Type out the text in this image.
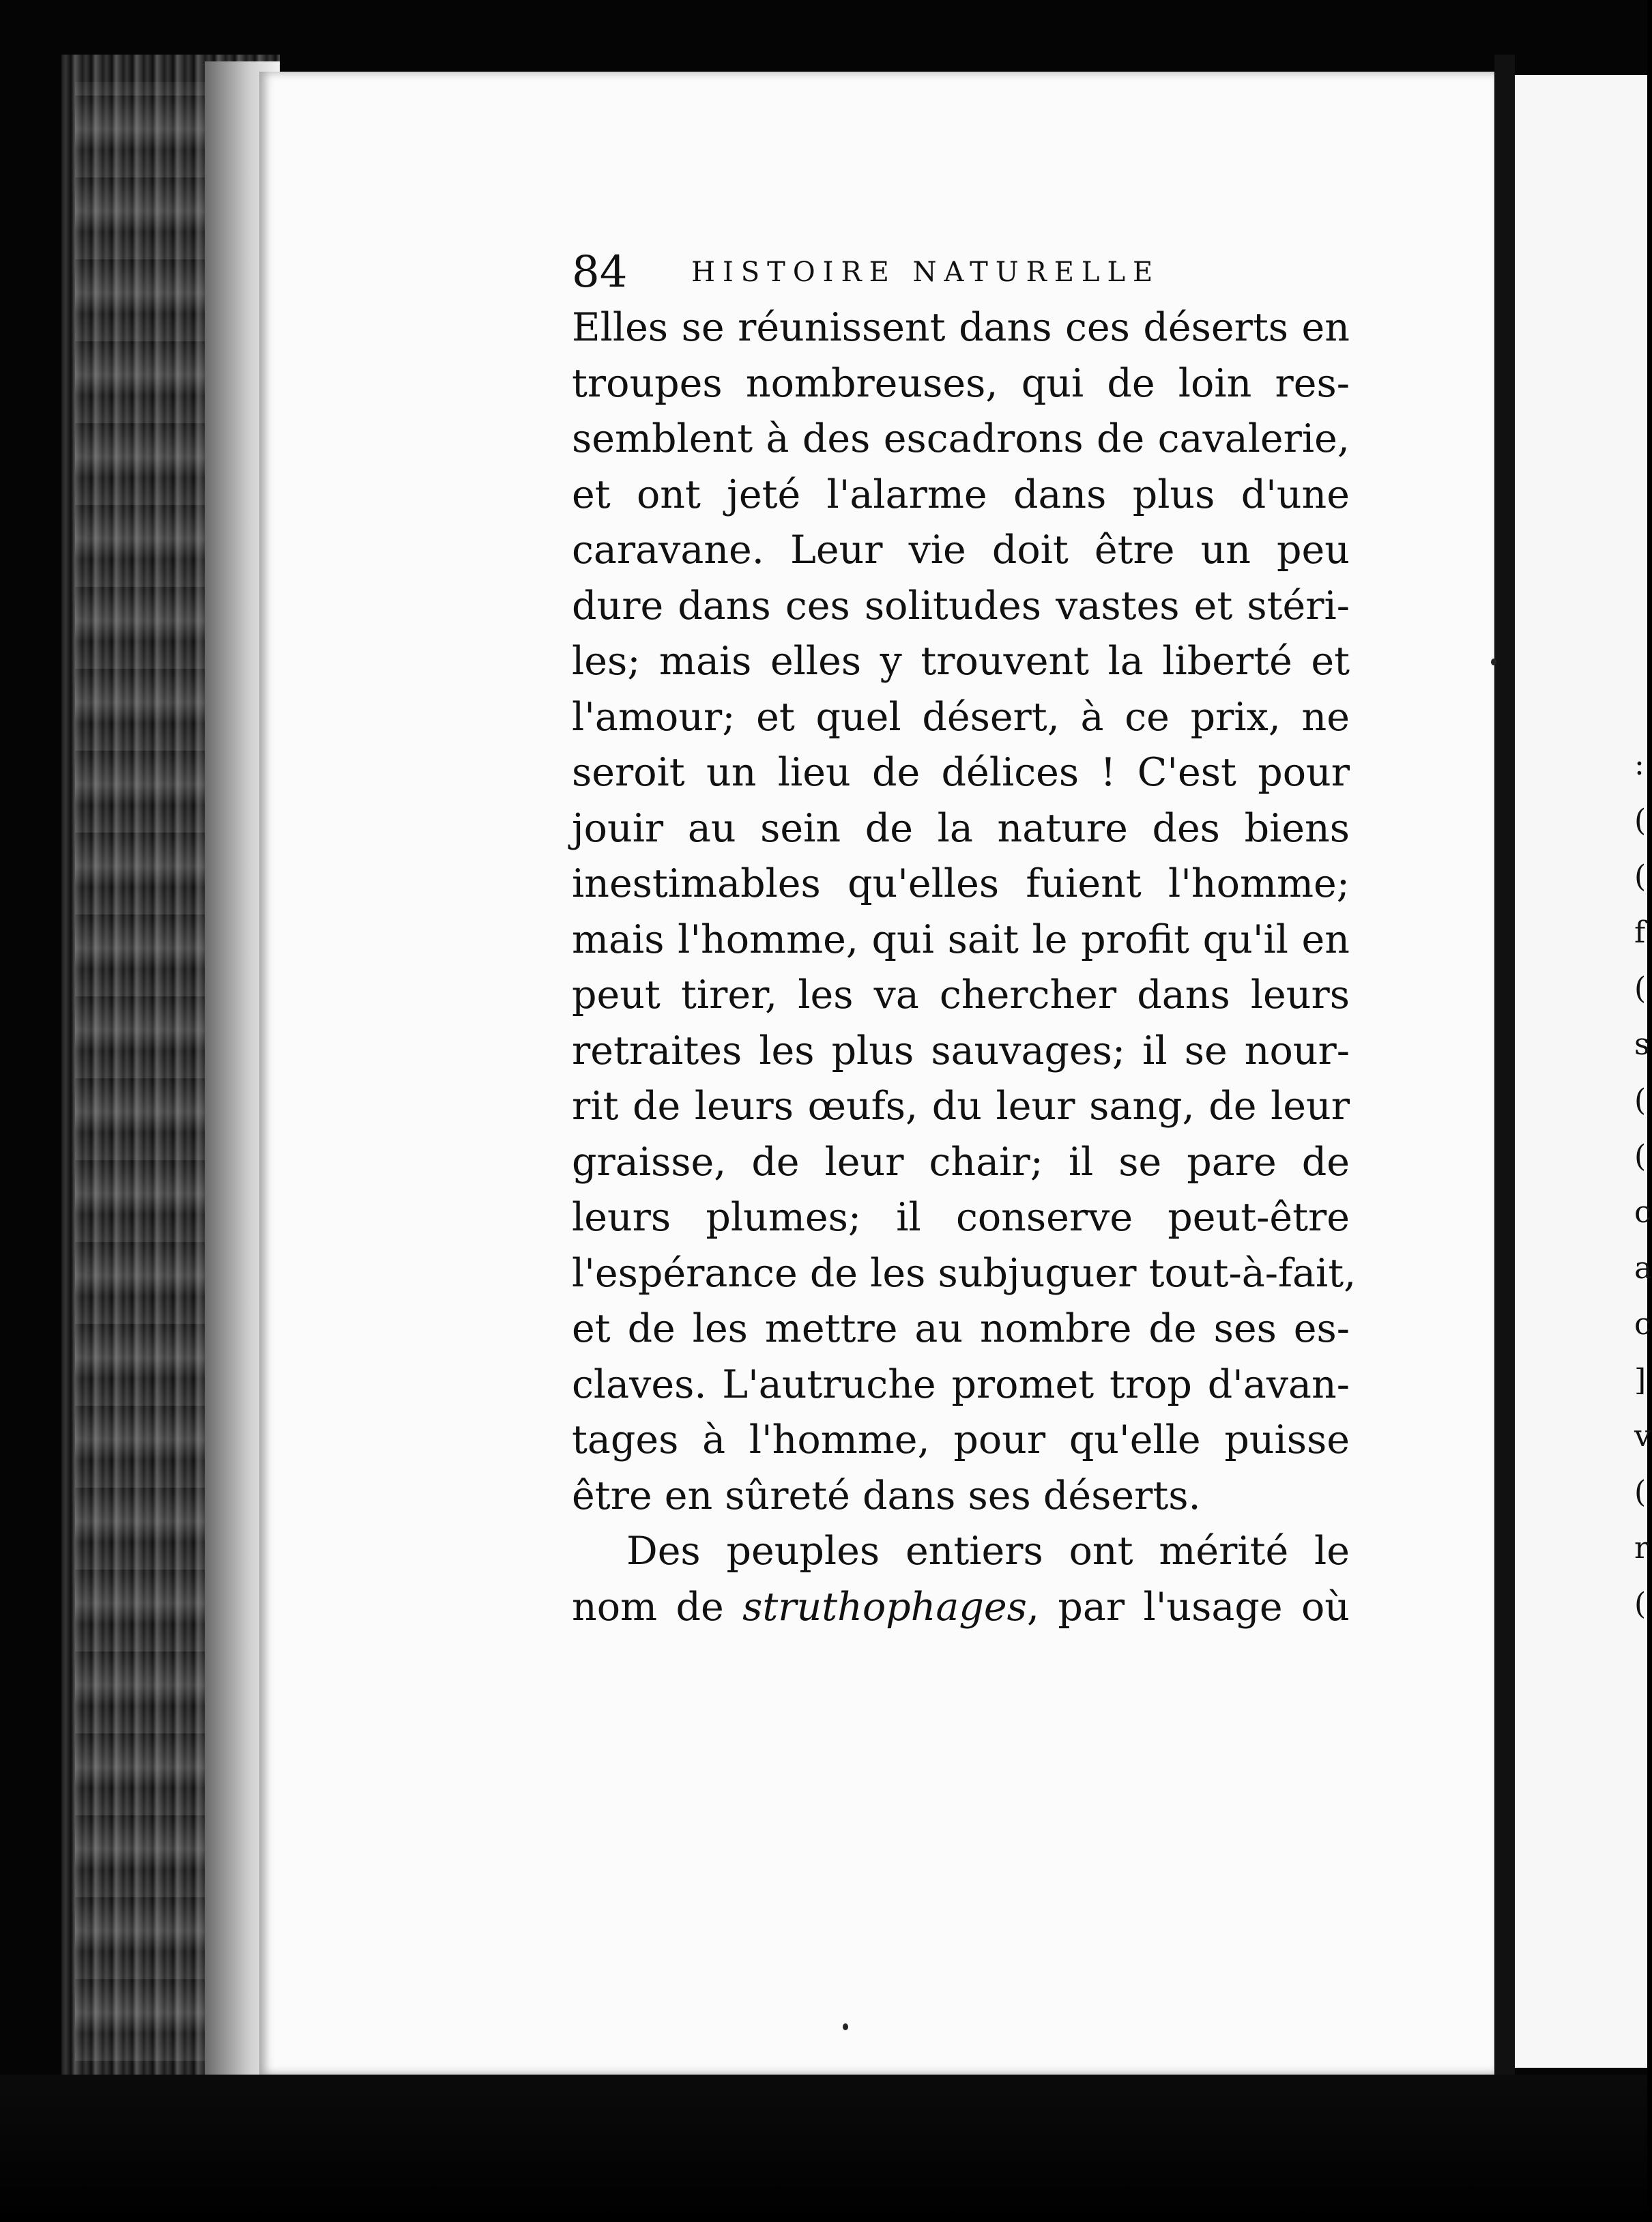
:
(
(
f
(
s
(
(
c
a
c
]
v
(
r
(
84 HISTOIRE NATURELLE
Elles se réunissent dans ces déserts en
troupes nombreuses, qui de loin res-
semblent à des escadrons de cavalerie,
et ont jeté l'alarme dans plus d'une
caravane. Leur vie doit être un peu
dure dans ces solitudes vastes et stéri-
les; mais elles y trouvent la liberté et
l'amour; et quel désert, à ce prix, ne
seroit un lieu de délices ! C'est pour
jouir au sein de la nature des biens
inestimables qu'elles fuient l'homme;
mais l'homme, qui sait le profit qu'il en
peut tirer, les va chercher dans leurs
retraites les plus sauvages; il se nour-
rit de leurs œufs, du leur sang, de leur
graisse, de leur chair; il se pare de
leurs plumes; il conserve peut-être
l'espérance de les subjuguer tout-à-fait,
et de les mettre au nombre de ses es-
claves. L'autruche promet trop d'avan-
tages à l'homme, pour qu'elle puisse
être en sûreté dans ses déserts.
Des peuples entiers ont mérité le
nom de struthophages, par l'usage où
